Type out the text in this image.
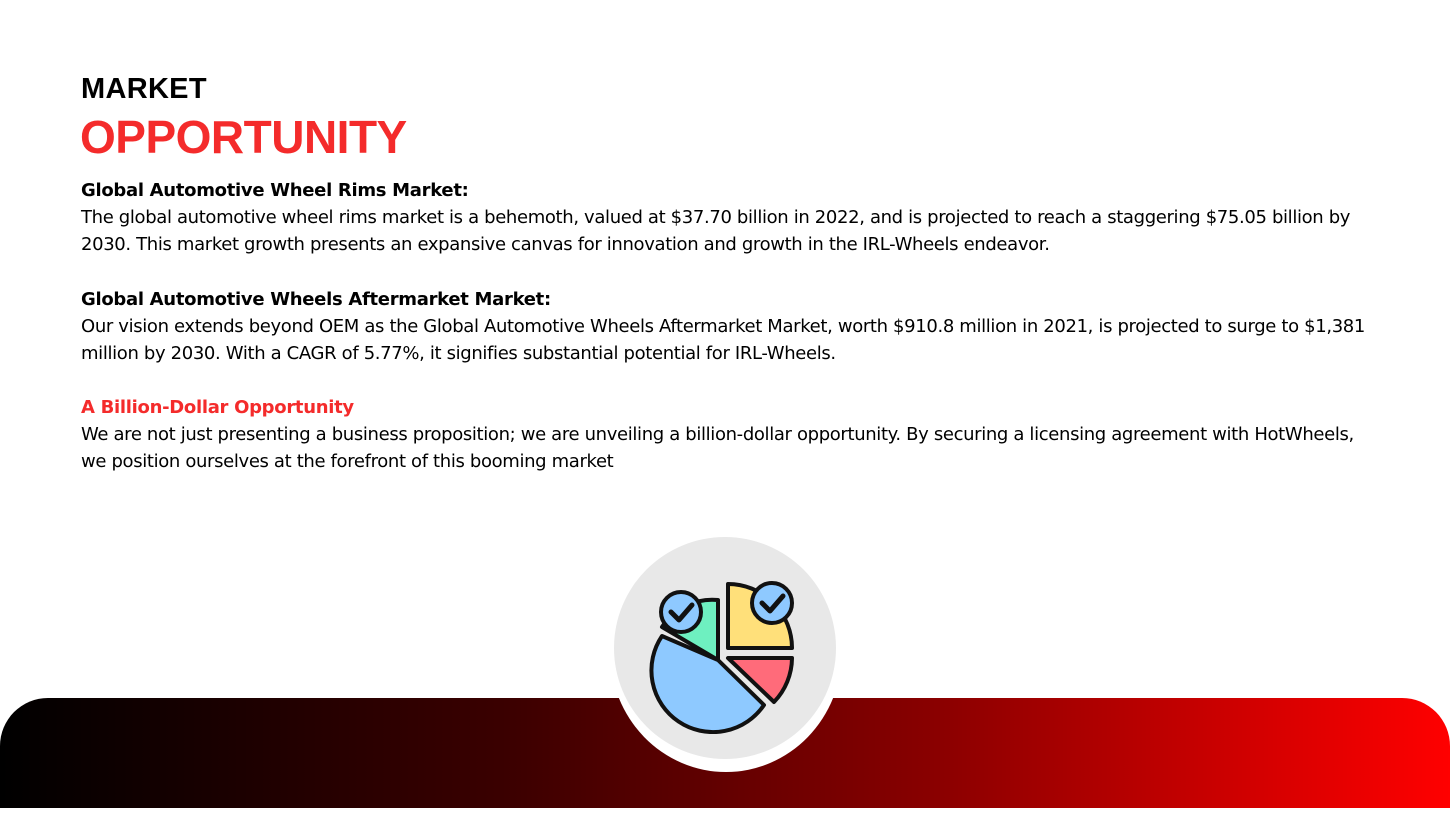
MARKET
OPPORTUNITY
Global Automotive Wheel Rims Market:
The global automotive wheel rims market is a behemoth, valued at $37.70 billion in 2022, and is projected to reach a staggering $75.05 billion by 2030. This market growth presents an expansive canvas for innovation and growth in the IRL-Wheels endeavor.
Global Automotive Wheels Aftermarket Market:
Our vision extends beyond OEM as the Global Automotive Wheels Aftermarket Market, worth $910.8 million in 2021, is projected to surge to $1,381 million by 2030. With a CAGR of 5.77%, it signifies substantial potential for IRL-Wheels.
A Billion-Dollar Opportunity
We are not just presenting a business proposition; we are unveiling a billion-dollar opportunity. By securing a licensing agreement with HotWheels, we position ourselves at the forefront of this booming market
